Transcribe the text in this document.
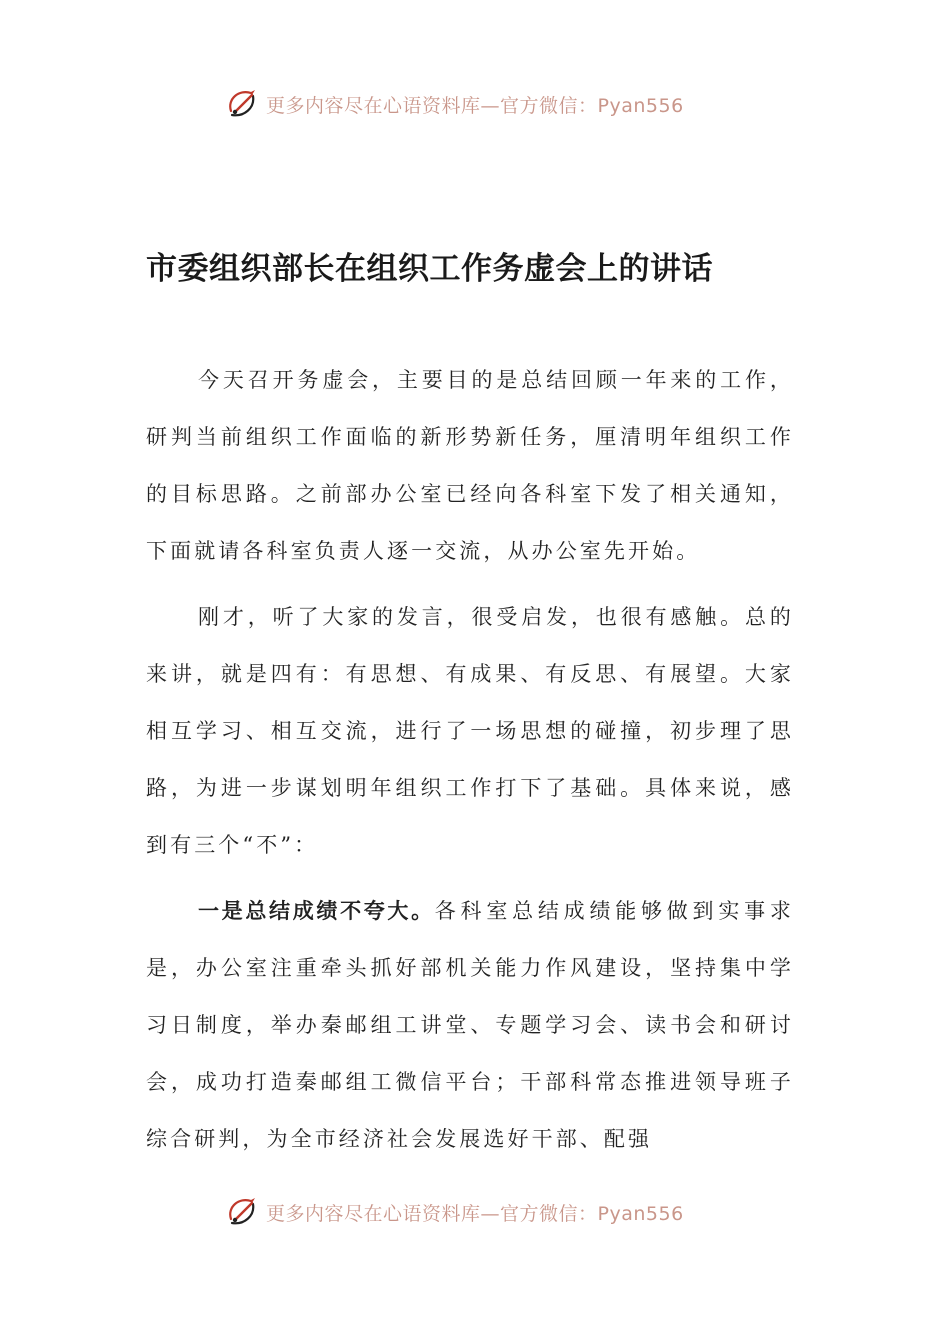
更多内容尽在心语资料库—官方微信：Pyan556
市委组织部长在组织工作务虚会上的讲话

今天召开务虚会，主要目的是总结回顾一年来的工作，研判当前组织工作面临的新形势新任务，厘清明年组织工作的目标思路。之前部办公室已经向各科室下发了相关通知，下面就请各科室负责人逐一交流，从办公室先开始。

刚才，听了大家的发言，很受启发，也很有感触。总的来讲，就是四有：有思想、有成果、有反思、有展望。大家相互学习、相互交流，进行了一场思想的碰撞，初步理了思路，为进一步谋划明年组织工作打下了基础。具体来说，感到有三个“不”：

一是总结成绩不夸大。各科室总结成绩能够做到实事求是，办公室注重牵头抓好部机关能力作风建设，坚持集中学习日制度，举办秦邮组工讲堂、专题学习会、读书会和研讨会，成功打造秦邮组工微信平台；干部科常态推进领导班子综合研判，为全市经济社会发展选好干部、配强

更多内容尽在心语资料库—官方微信：Pyan556
